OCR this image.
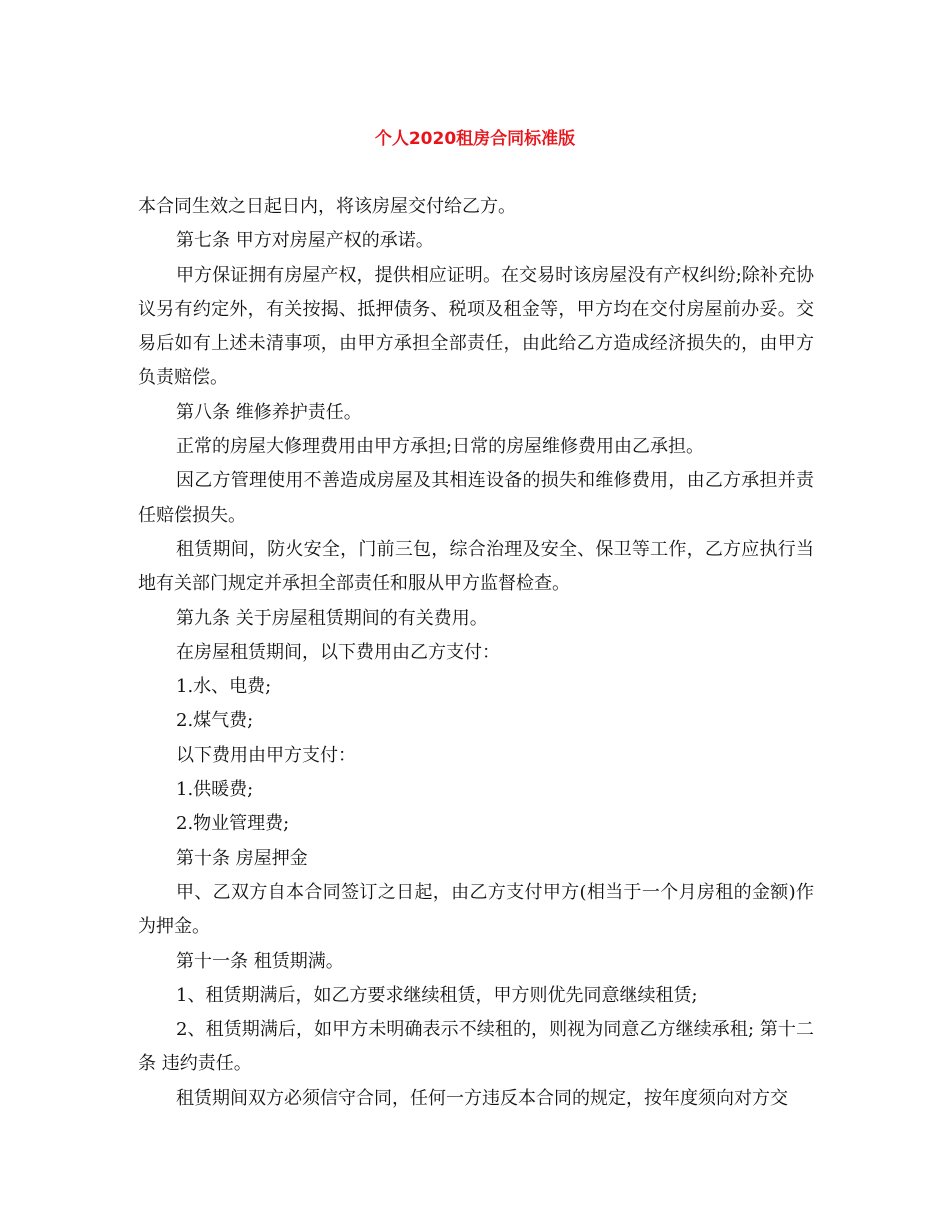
个人2020租房合同标准版

本合同生效之日起日内，将该房屋交付给乙方。

第七条 甲方对房屋产权的承诺。

甲方保证拥有房屋产权，提供相应证明。在交易时该房屋没有产权纠纷;除补充协议另有约定外，有关按揭、抵押债务、税项及租金等，甲方均在交付房屋前办妥。交易后如有上述未清事项，由甲方承担全部责任，由此给乙方造成经济损失的，由甲方负责赔偿。

第八条 维修养护责任。

正常的房屋大修理费用由甲方承担;日常的房屋维修费用由乙承担。

因乙方管理使用不善造成房屋及其相连设备的损失和维修费用，由乙方承担并责任赔偿损失。

租赁期间，防火安全，门前三包，综合治理及安全、保卫等工作，乙方应执行当地有关部门规定并承担全部责任和服从甲方监督检查。

第九条 关于房屋租赁期间的有关费用。

在房屋租赁期间，以下费用由乙方支付：

1.水、电费;

2.煤气费;

以下费用由甲方支付：

1.供暖费;

2.物业管理费;

第十条 房屋押金

甲、乙双方自本合同签订之日起，由乙方支付甲方(相当于一个月房租的金额)作为押金。

第十一条 租赁期满。

1、租赁期满后，如乙方要求继续租赁，甲方则优先同意继续租赁;

2、租赁期满后，如甲方未明确表示不续租的，则视为同意乙方继续承租; 第十二条 违约责任。

租赁期间双方必须信守合同，任何一方违反本合同的规定，按年度须向对方交
